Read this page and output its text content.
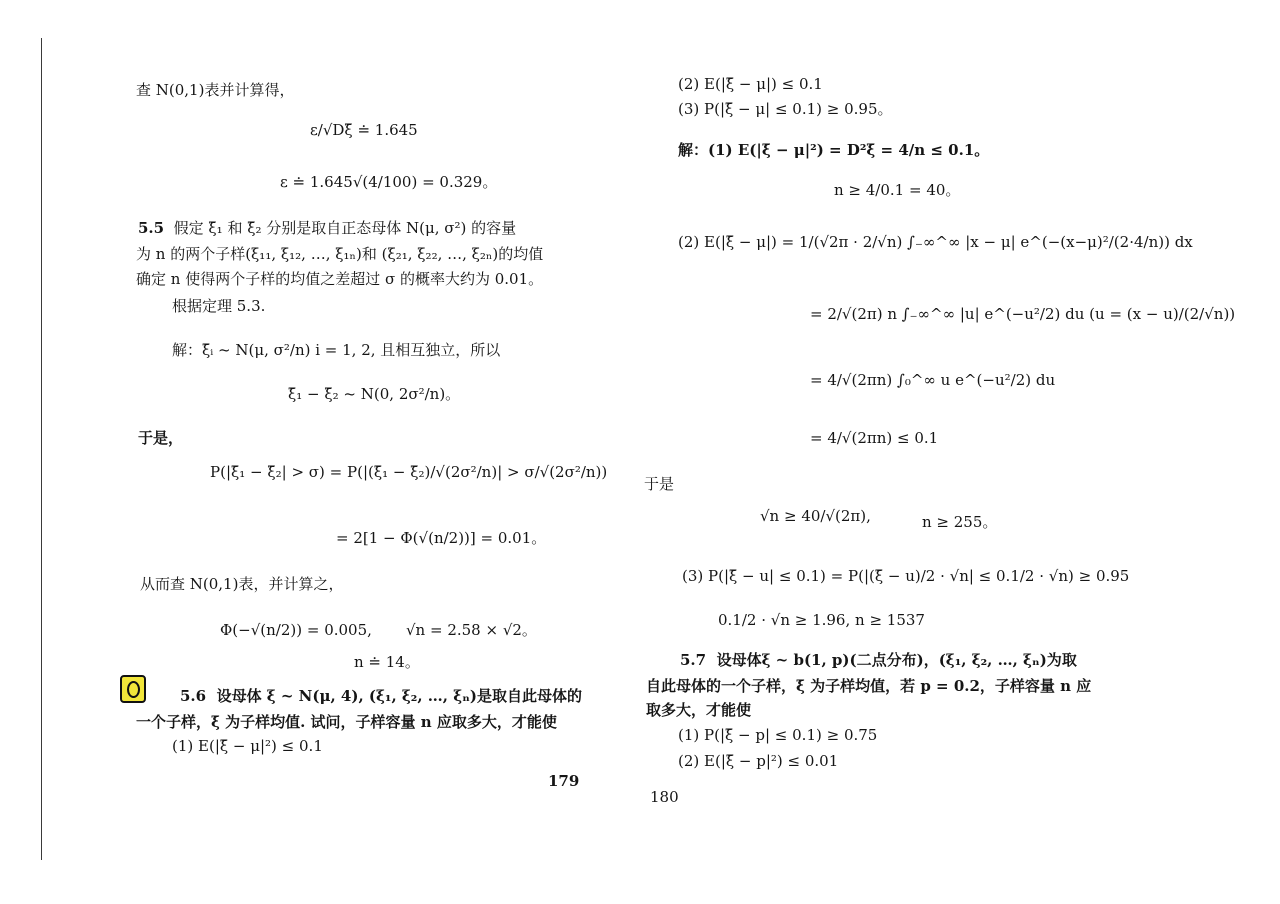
查 N(0,1)表并计算得，
ε/√Dξ̄ ≐ 1.645
ε ≐ 1.645√(4/100) = 0.329。
5.5 假定 ξ̄₁ 和 ξ̄₂ 分别是取自正态母体 N(μ, σ²) 的容量
为 n 的两个子样(ξ₁₁, ξ₁₂, …, ξ₁ₙ)和 (ξ₂₁, ξ₂₂, …, ξ₂ₙ)的均值
确定 n 使得两个子样的均值之差超过 σ 的概率大约为 0.01。
根据定理 5.3.
解：ξ̄ᵢ ~ N(μ, σ²/n) i = 1, 2, 且相互独立，所以
ξ̄₁ − ξ̄₂ ~ N(0, 2σ²/n)。
于是，
P(|ξ̄₁ − ξ̄₂| > σ) = P(|(ξ̄₁ − ξ̄₂)/√(2σ²/n)| > σ/√(2σ²/n))
= 2[1 − Φ(√(n/2))] = 0.01。
从而查 N(0,1)表，并计算之，
Φ(−√(n/2)) = 0.005, √n = 2.58 × √2。
n ≐ 14。
5.6 设母体 ξ ~ N(μ, 4), (ξ₁, ξ₂, …, ξₙ)是取自此母体的
一个子样，ξ̄ 为子样均值. 试问，子样容量 n 应取多大，才能使
(1) E(|ξ̄ − μ|²) ≤ 0.1
179
(2) E(|ξ̄ − μ|) ≤ 0.1
(3) P(|ξ̄ − μ| ≤ 0.1) ≥ 0.95。
解：(1) E(|ξ̄ − μ|²) = D²ξ̄ = 4/n ≤ 0.1。
n ≥ 4/0.1 = 40。
(2) E(|ξ̄ − μ|) = 1/(√2π · 2/√n) ∫₋∞^∞ |x − μ| e^(−(x−μ)²/(2·4/n)) dx
= 2/√(2π) n ∫₋∞^∞ |u| e^(−u²/2) du (u = (x − u)/(2/√n))
= 4/√(2πn) ∫₀^∞ u e^(−u²/2) du
= 4/√(2πn) ≤ 0.1
于是
√n ≥ 40/√(2π),	n ≥ 255。
(3) P(|ξ̄ − u| ≤ 0.1) = P(|(ξ̄ − u)/2 · √n| ≤ 0.1/2 · √n) ≥ 0.95
0.1/2 · √n ≥ 1.96, n ≥ 1537
5.7 设母体ξ ~ b(1, p)(二点分布)，(ξ₁, ξ₂, …, ξₙ)为取
自此母体的一个子样，ξ̄ 为子样均值，若 p = 0.2，子样容量 n 应
取多大，才能使
(1) P(|ξ̄ − p| ≤ 0.1) ≥ 0.75
(2) E(|ξ̄ − p|²) ≤ 0.01
180
